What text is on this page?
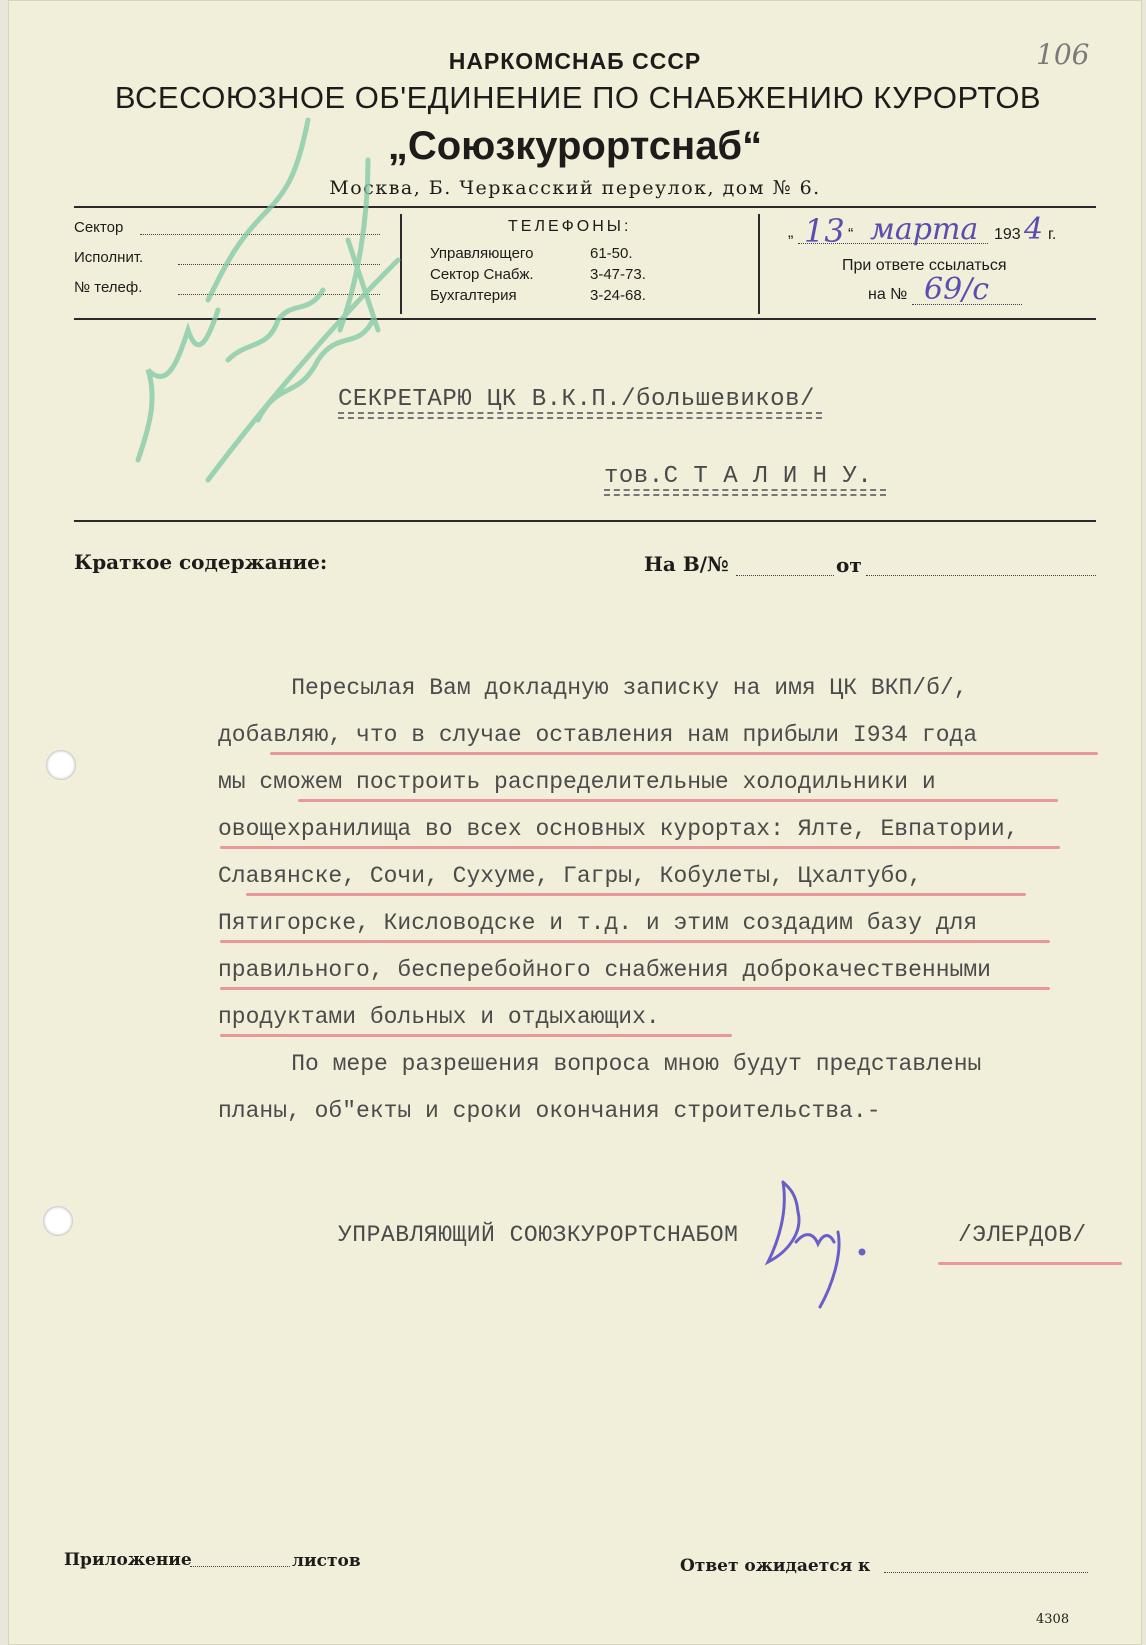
106
НАРКОМСНАБ СССР
ВСЕСОЮЗНОЕ ОБ'ЕДИНЕНИЕ ПО СНАБЖЕНИЮ КУРОРТОВ
„Союзкурортснаб“
Москва, Б. Черкасский переулок, дом № 6.
Сектор
Исполнит.
№ телеф.
ТЕЛЕФОНЫ:
Управляющего	61-50.
Сектор Снабж.	3-47-73.
Бухгалтерия	3-24-68.
„ 13 “ марта 193 4 г.
При ответе ссылаться
на № 69/с
СЕКРЕТАРЮ ЦК В.К.П./большевиков/
тов.С Т А Л И Н У.
Краткое содержание:	На В/№	от
Пересылая Вам докладную записку на имя ЦК ВКП/б/,
добавляю, что в случае оставления нам прибыли I934 года
мы сможем построить распределительные холодильники и
овощехранилища во всех основных курортах: Ялте, Евпатории,
Славянске, Сочи, Сухуме, Гагры, Кобулеты, Цхалтубо,
Пятигорске, Кисловодске и т.д. и этим создадим базу для
правильного, бесперебойного снабжения доброкачественными
продуктами больных и отдыхающих.
По мере разрешения вопроса мною будут представлены
планы, об"екты и сроки окончания строительства.-
УПРАВЛЯЮЩИЙ СОЮЗКУРОРТСНАБОМ	/ЭЛЕРДОВ/
Приложение	листов	Ответ ожидается к
4308
